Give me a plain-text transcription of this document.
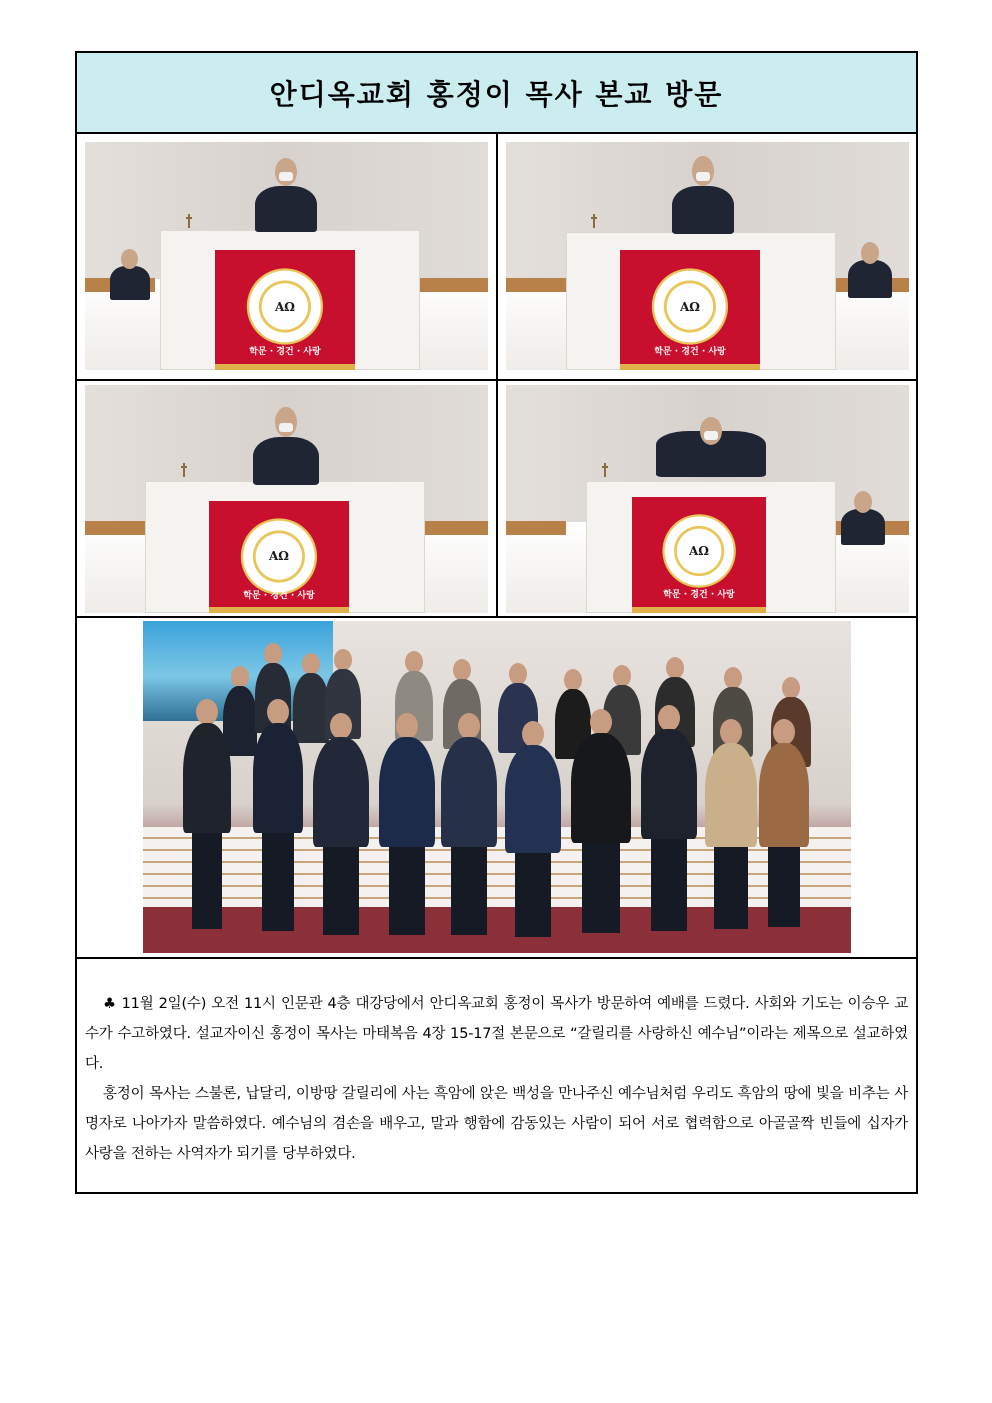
안디옥교회 홍정이 목사 본교 방문
AΩ
학문 · 경건 · 사랑
AΩ
학문 · 경건 · 사랑
AΩ
학문 · 경건 · 사랑
AΩ
학문 · 경건 · 사랑

♣ 11월 2일(수) 오전 11시 인문관 4층 대강당에서 안디옥교회 홍정이 목사가 방문하여 예배를 드렸다. 사회와 기도는 이승우 교수가 수고하였다. 설교자이신 홍정이 목사는 마태복음 4장 15-17절 본문으로 “갈릴리를 사랑하신 예수님”이라는 제목으로 설교하였다.

홍정이 목사는 스불론, 납달리, 이방땅 갈릴리에 사는 흑암에 앉은 백성을 만나주신 예수님처럼 우리도 흑암의 땅에 빛을 비추는 사명자로 나아가자 말씀하였다. 예수님의 겸손을 배우고, 말과 행함에 감동있는 사람이 되어 서로 협력함으로 아골골짝 빈들에 십자가 사랑을 전하는 사역자가 되기를 당부하였다.
